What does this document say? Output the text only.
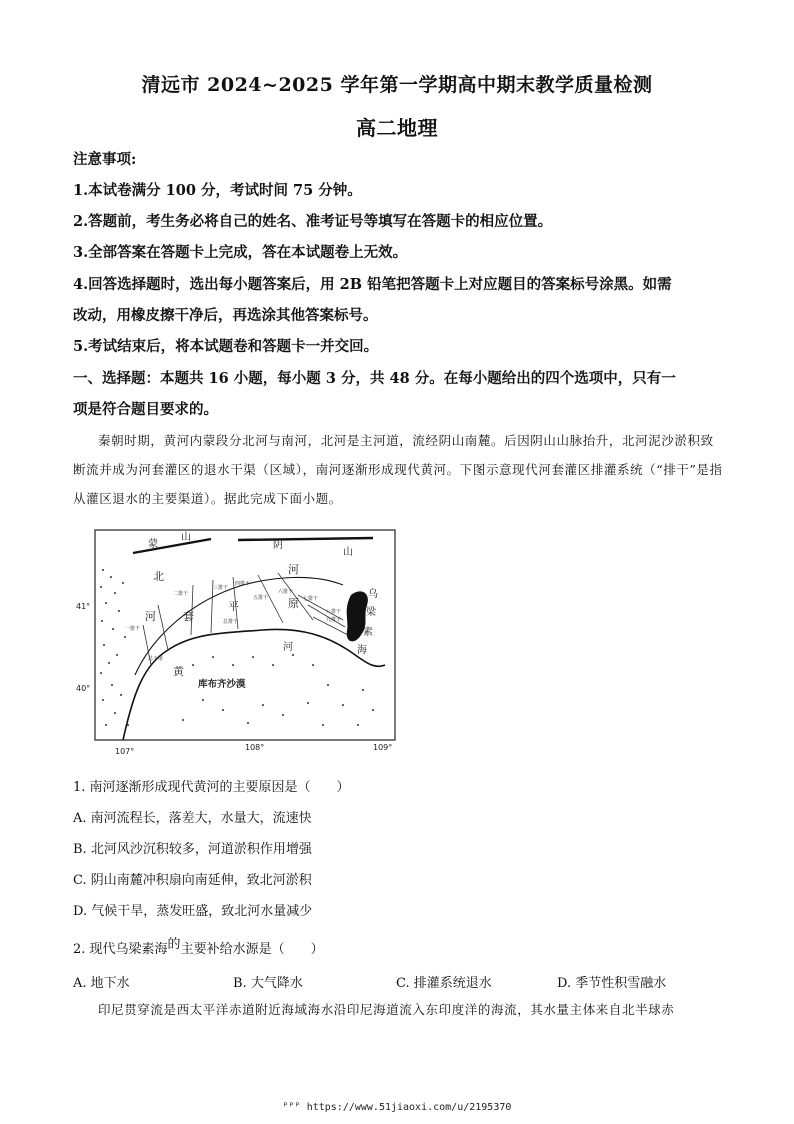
清远市 2024~2025 学年第一学期高中期末教学质量检测
高二地理
注意事项:
1.本试卷满分 100 分，考试时间 75 分钟。
2.答题前，考生务必将自己的姓名、准考证号等填写在答题卡的相应位置。
3.全部答案在答题卡上完成，答在本试题卷上无效。
4.回答选择题时，选出每小题答案后，用 2B 铅笔把答题卡上对应题目的答案标号涂黑。如需
改动，用橡皮擦干净后，再选涂其他答案标号。
5.考试结束后，将本试题卷和答题卡一并交回。
一、选择题：本题共 16 小题，每小题 3 分，共 48 分。在每小题给出的四个选项中，只有一
项是符合题目要求的。
秦朝时期，黄河内蒙段分北河与南河，北河是主河道，流经阴山南麓。后因阴山山脉抬升，北河泥沙淤积致断流并成为河套灌区的退水干渠（区域），南河逐渐形成现代黄河。下图示意现代河套灌区排灌系统（“排干”是指从灌区退水的主要渠道）。据此完成下面小题。
蒙
山
阴
山
北
河 套
平
河
原
河
黄
库布齐沙漠
乌
梁
素
海
八排干
九排干
七排干
六排干
五排干
四排干
三排干
二排干
一排干
总干渠
总排干
41°
40°
107°	108°	109°
1. 南河逐渐形成现代黄河的主要原因是（　　）
A. 南河流程长，落差大，水量大，流速快
B. 北河风沙沉积较多，河道淤积作用增强
C. 阴山南麓冲积扇向南延伸，致北河淤积
D. 气候干旱，蒸发旺盛，致北河水量减少
2. 现代乌梁素海的主要补给水源是（　　）
A. 地下水	B. 大气降水	C. 排灌系统退水	D. 季节性积雪融水
印尼贯穿流是西太平洋赤道附近海域海水沿印尼海道流入东印度洋的海流，其水量主体来自北半球赤
ᴾᴾᴾ https://www.51jiaoxi.com/u/2195370
